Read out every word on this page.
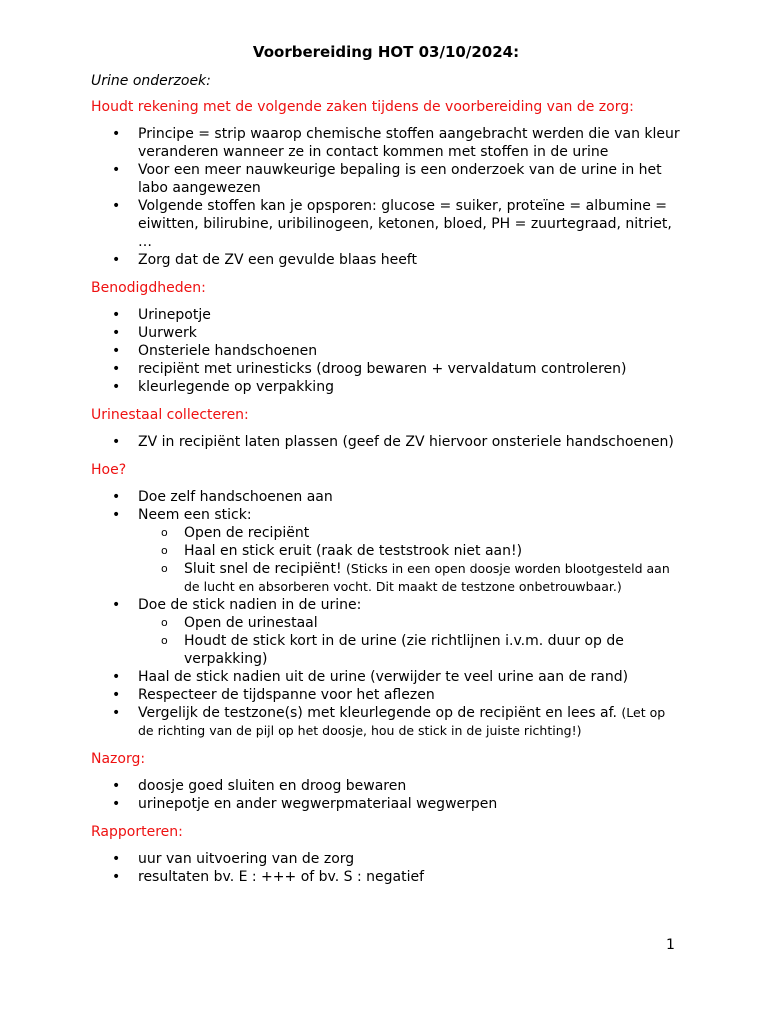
Voorbereiding HOT 03/10/2024:
Urine onderzoek:
Houdt rekening met de volgende zaken tijdens de voorbereiding van de zorg:
• Principe = strip waarop chemische stoffen aangebracht werden die van kleur veranderen wanneer ze in contact kommen met stoffen in de urine
• Voor een meer nauwkeurige bepaling is een onderzoek van de urine in het labo aangewezen
• Volgende stoffen kan je opsporen: glucose = suiker, proteïne = albumine = eiwitten, bilirubine, uribilinogeen, ketonen, bloed, PH = zuurtegraad, nitriet, …
• Zorg dat de ZV een gevulde blaas heeft
Benodigdheden:
• Urinepotje
• Uurwerk
• Onsteriele handschoenen
• recipiënt met urinesticks (droog bewaren + vervaldatum controleren)
• kleurlegende op verpakking
Urinestaal collecteren:
• ZV in recipiënt laten plassen (geef de ZV hiervoor onsteriele handschoenen)
Hoe?
• Doe zelf handschoenen aan
• Neem een stick:
o Open de recipiënt
o Haal en stick eruit (raak de teststrook niet aan!)
o Sluit snel de recipiënt! (Sticks in een open doosje worden blootgesteld aan de lucht en absorberen vocht. Dit maakt de testzone onbetrouwbaar.)
• Doe de stick nadien in de urine:
o Open de urinestaal
o Houdt de stick kort in de urine (zie richtlijnen i.v.m. duur op de verpakking)
• Haal de stick nadien uit de urine (verwijder te veel urine aan de rand)
• Respecteer de tijdspanne voor het aflezen
• Vergelijk de testzone(s) met kleurlegende op de recipiënt en lees af. (Let op de richting van de pijl op het doosje, hou de stick in de juiste richting!)
Nazorg:
• doosje goed sluiten en droog bewaren
• urinepotje en ander wegwerpmateriaal wegwerpen
Rapporteren:
• uur van uitvoering van de zorg
• resultaten bv. E : +++ of bv. S : negatief
1
